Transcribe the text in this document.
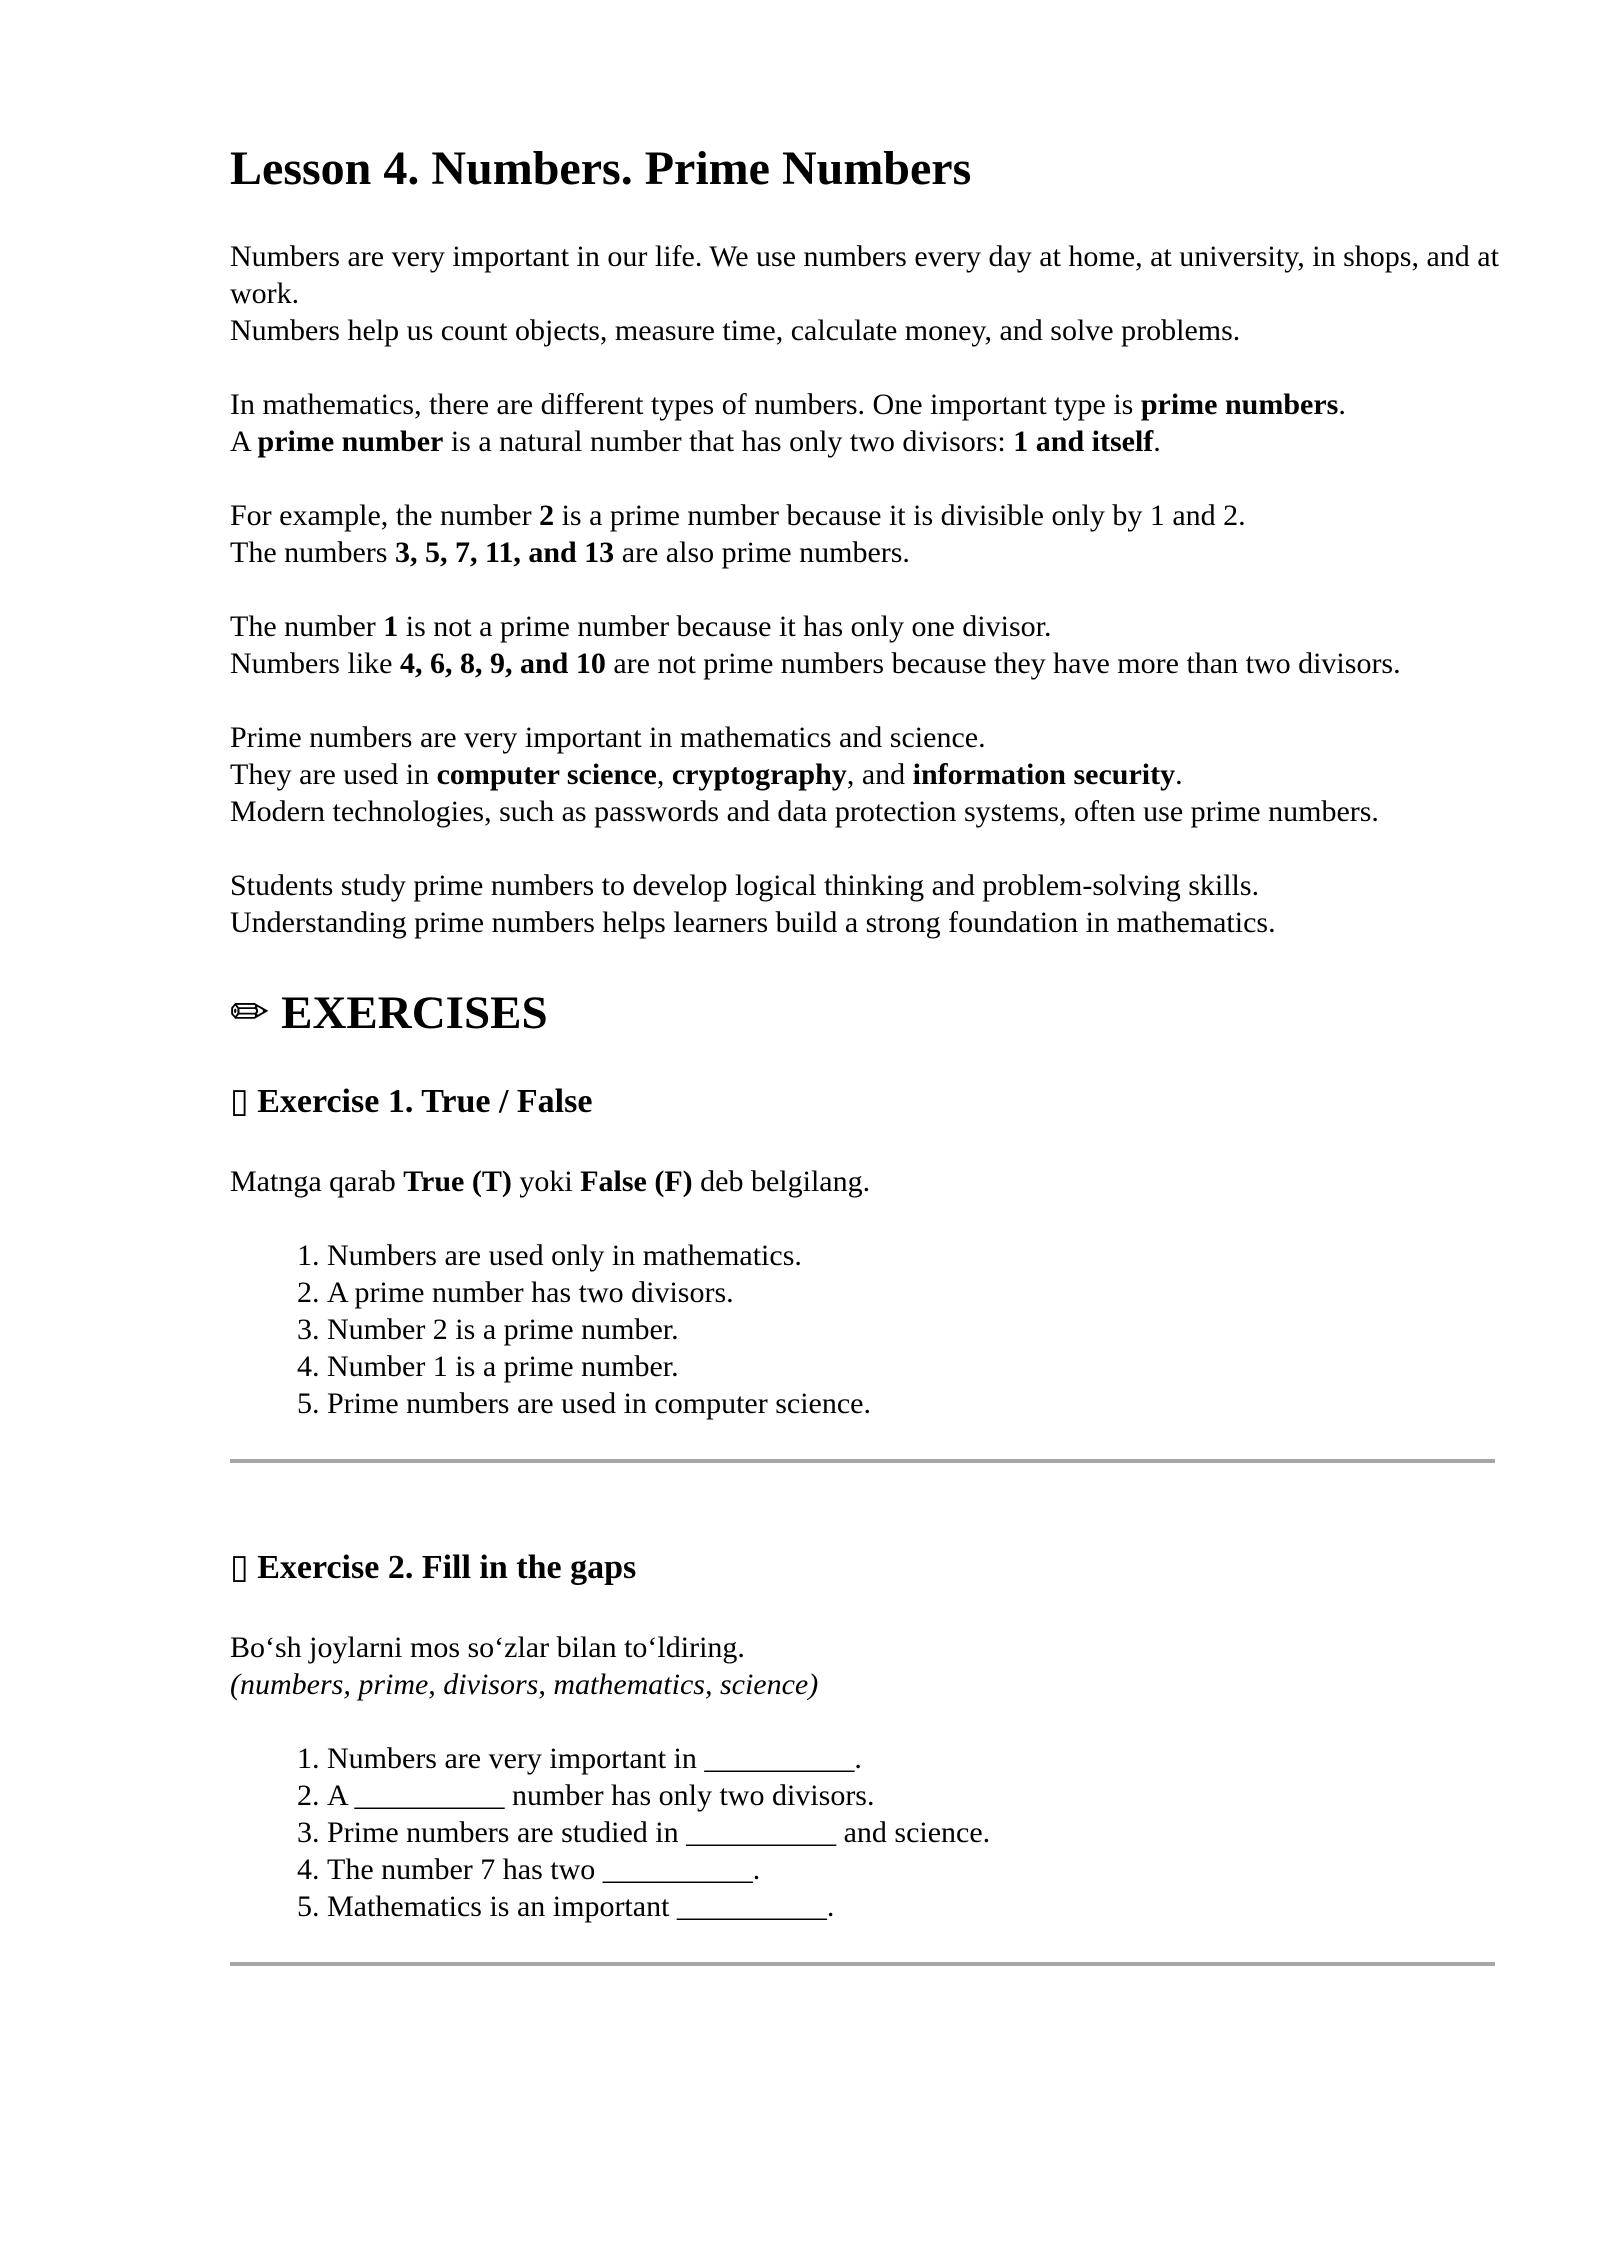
Lesson 4. Numbers. Prime Numbers

Numbers are very important in our life. We use numbers every day at home, at university, in shops, and at work.
Numbers help us count objects, measure time, calculate money, and solve problems.

In mathematics, there are different types of numbers. One important type is prime numbers.
A prime number is a natural number that has only two divisors: 1 and itself.

For example, the number 2 is a prime number because it is divisible only by 1 and 2.
The numbers 3, 5, 7, 11, and 13 are also prime numbers.

The number 1 is not a prime number because it has only one divisor.
Numbers like 4, 6, 8, 9, and 10 are not prime numbers because they have more than two divisors.

Prime numbers are very important in mathematics and science.
They are used in computer science, cryptography, and information security.
Modern technologies, such as passwords and data protection systems, often use prime numbers.

Students study prime numbers to develop logical thinking and problem-solving skills.
Understanding prime numbers helps learners build a strong foundation in mathematics.

✏ EXERCISES
▯ Exercise 1. True / False

Matnga qarab True (T) yoki False (F) deb belgilang.

1. Numbers are used only in mathematics.
2. A prime number has two divisors.
3. Number 2 is a prime number.
4. Number 1 is a prime number.
5. Prime numbers are used in computer science.
▯ Exercise 2. Fill in the gaps

Bo‘sh joylarni mos so‘zlar bilan to‘ldiring.
(numbers, prime, divisors, mathematics, science)

1. Numbers are very important in __________.
2. A __________ number has only two divisors.
3. Prime numbers are studied in __________ and science.
4. The number 7 has two __________.
5. Mathematics is an important __________.
